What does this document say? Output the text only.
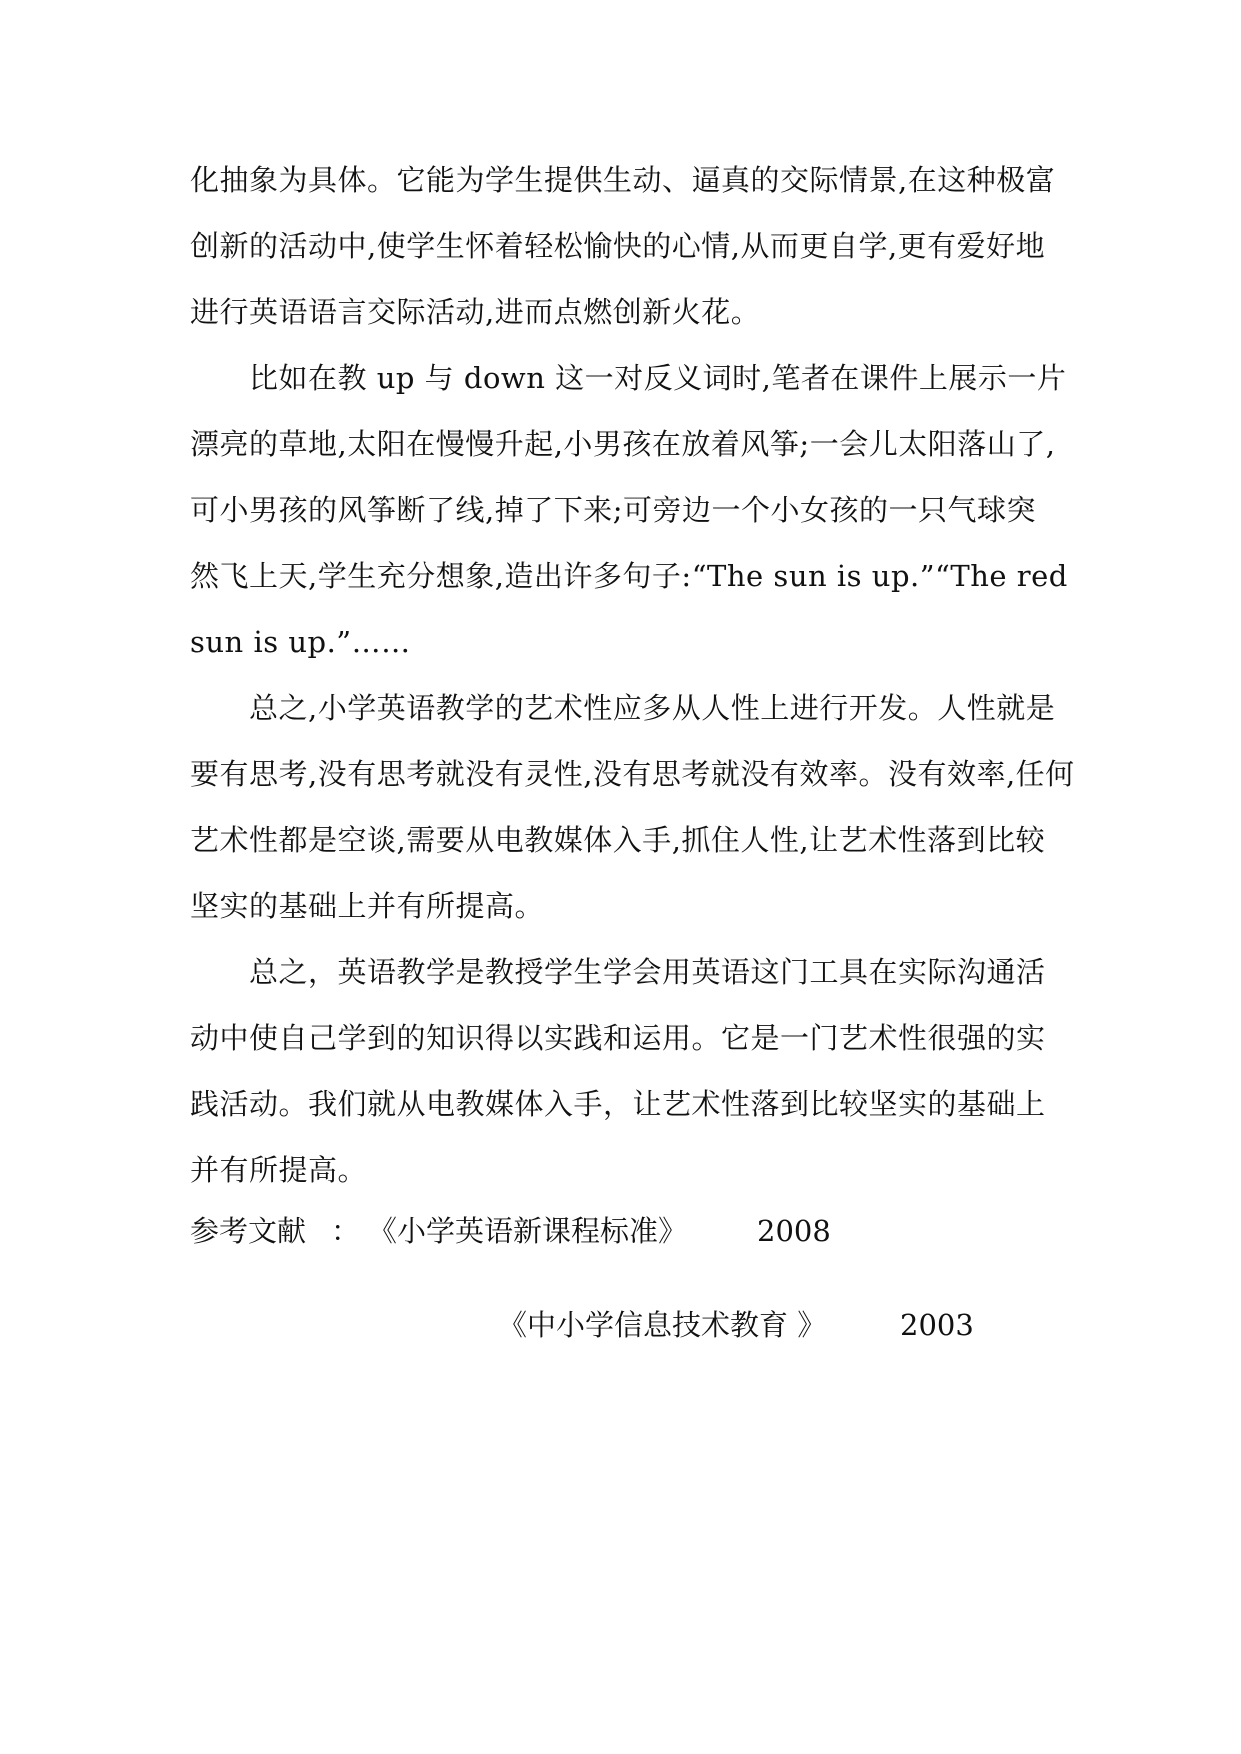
化抽象为具体。它能为学生提供生动、逼真的交际情景,在这种极富
创新的活动中,使学生怀着轻松愉快的心情,从而更自学,更有爱好地
进行英语语言交际活动,进而点燃创新火花。
比如在教 up 与 down 这一对反义词时,笔者在课件上展示一片
漂亮的草地,太阳在慢慢升起,小男孩在放着风筝;一会儿太阳落山了,
可小男孩的风筝断了线,掉了下来;可旁边一个小女孩的一只气球突
然飞上天,学生充分想象,造出许多句子:“The sun is up.”“The red
sun is up.”……
总之,小学英语教学的艺术性应多从人性上进行开发。人性就是
要有思考,没有思考就没有灵性,没有思考就没有效率。没有效率,任何
艺术性都是空谈,需要从电教媒体入手,抓住人性,让艺术性落到比较
坚实的基础上并有所提高。
总之，英语教学是教授学生学会用英语这门工具在实际沟通活
动中使自己学到的知识得以实践和运用。它是一门艺术性很强的实
践活动。我们就从电教媒体入手，让艺术性落到比较坚实的基础上
并有所提高。
参考文献 ： 《小学英语新课程标准》 2008
《中小学信息技术教育 》	2003
